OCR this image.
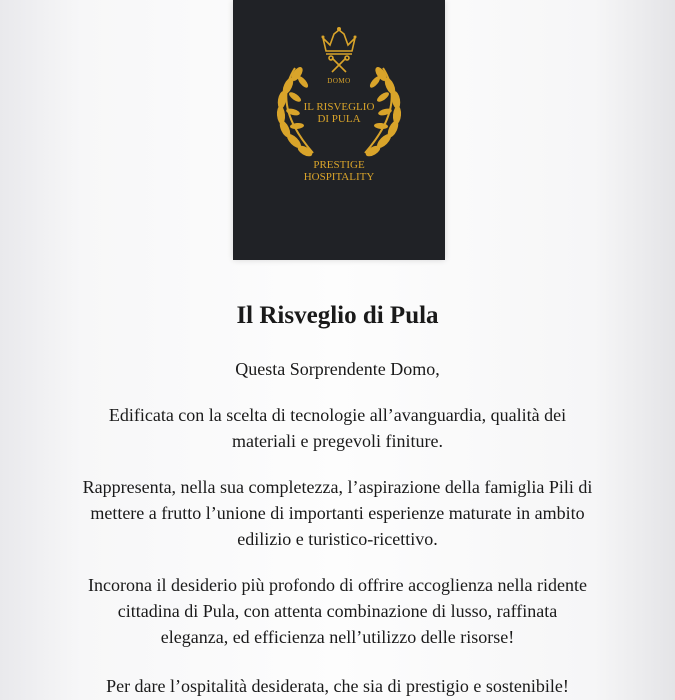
DOMO
IL RISVEGLIO
DI PULA
PRESTIGE
HOSPITALITY
Il Risveglio di Pula

Questa Sorprendente Domo,

Edificata con la scelta di tecnologie all’avanguardia, qualità dei
materiali e pregevoli finiture.

Rappresenta, nella sua completezza, l’aspirazione della famiglia Pili di
mettere a frutto l’unione di importanti esperienze maturate in ambito
edilizio e turistico-ricettivo.

Incorona il desiderio più profondo di offrire accoglienza nella ridente
cittadina di Pula, con attenta combinazione di lusso, raffinata
eleganza, ed efficienza nell’utilizzo delle risorse!

Per dare l’ospitalità desiderata, che sia di prestigio e sostenibile!
